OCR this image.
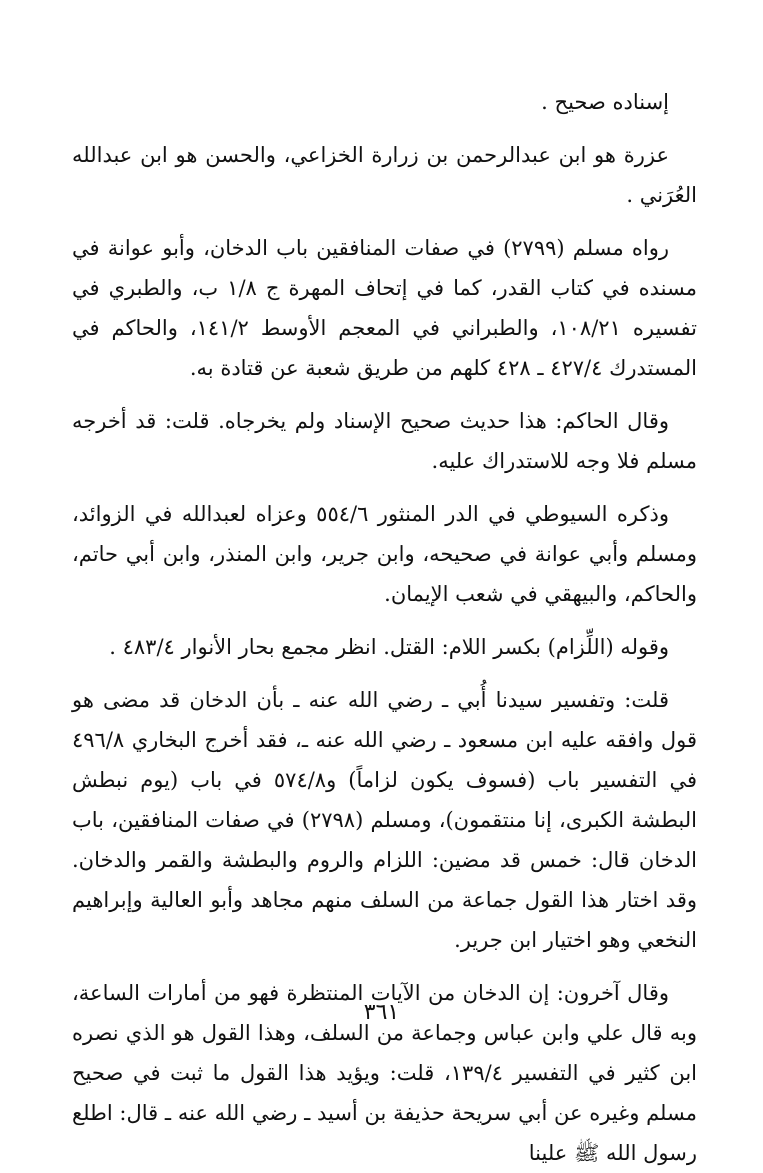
إسناده صحيح .

عزرة هو ابن عبدالرحمن بن زرارة الخزاعي، والحسن هو ابن عبدالله العُرَني .

رواه مسلم (٢٧٩٩) في صفات المنافقين باب الدخان، وأبو عوانة في مسنده في كتاب القدر، كما في إتحاف المهرة ج ١/٨ ب، والطبري في تفسيره ١٠٨/٢١، والطبراني في المعجم الأوسط ١٤١/٢، والحاكم في المستدرك ٤٢٧/٤ ـ ٤٢٨ كلهم من طريق شعبة عن قتادة به.

وقال الحاكم: هذا حديث صحيح الإسناد ولم يخرجاه. قلت: قد أخرجه مسلم فلا وجه للاستدراك عليه.

وذكره السيوطي في الدر المنثور ٥٥٤/٦ وعزاه لعبدالله في الزوائد، ومسلم وأبي عوانة في صحيحه، وابن جرير، وابن المنذر، وابن أبي حاتم، والحاكم، والبيهقي في شعب الإيمان.

وقوله (اللِّزام) بكسر اللام: القتل. انظر مجمع بحار الأنوار ٤٨٣/٤ .

قلت: وتفسير سيدنا أُبي ـ رضي الله عنه ـ بأن الدخان قد مضى هو قول وافقه عليه ابن مسعود ـ رضي الله عنه ـ، فقد أخرج البخاري ٤٩٦/٨ في التفسير باب (فسوف يكون لزاماً) و٥٧٤/٨ في باب (يوم نبطش البطشة الكبرى، إنا منتقمون)، ومسلم (٢٧٩٨) في صفات المنافقين، باب الدخان قال: خمس قد مضين: اللزام والروم والبطشة والقمر والدخان. وقد اختار هذا القول جماعة من السلف منهم مجاهد وأبو العالية وإبراهيم النخعي وهو اختيار ابن جرير.

وقال آخرون: إن الدخان من الآيات المنتظرة فهو من أمارات الساعة، وبه قال علي وابن عباس وجماعة من السلف، وهذا القول هو الذي نصره ابن كثير في التفسير ١٣٩/٤، قلت: ويؤيد هذا القول ما ثبت في صحيح مسلم وغيره عن أبي سريحة حذيفة بن أسيد ـ رضي الله عنه ـ قال: اطلع رسول الله ﷺ علينا

٣٦١
